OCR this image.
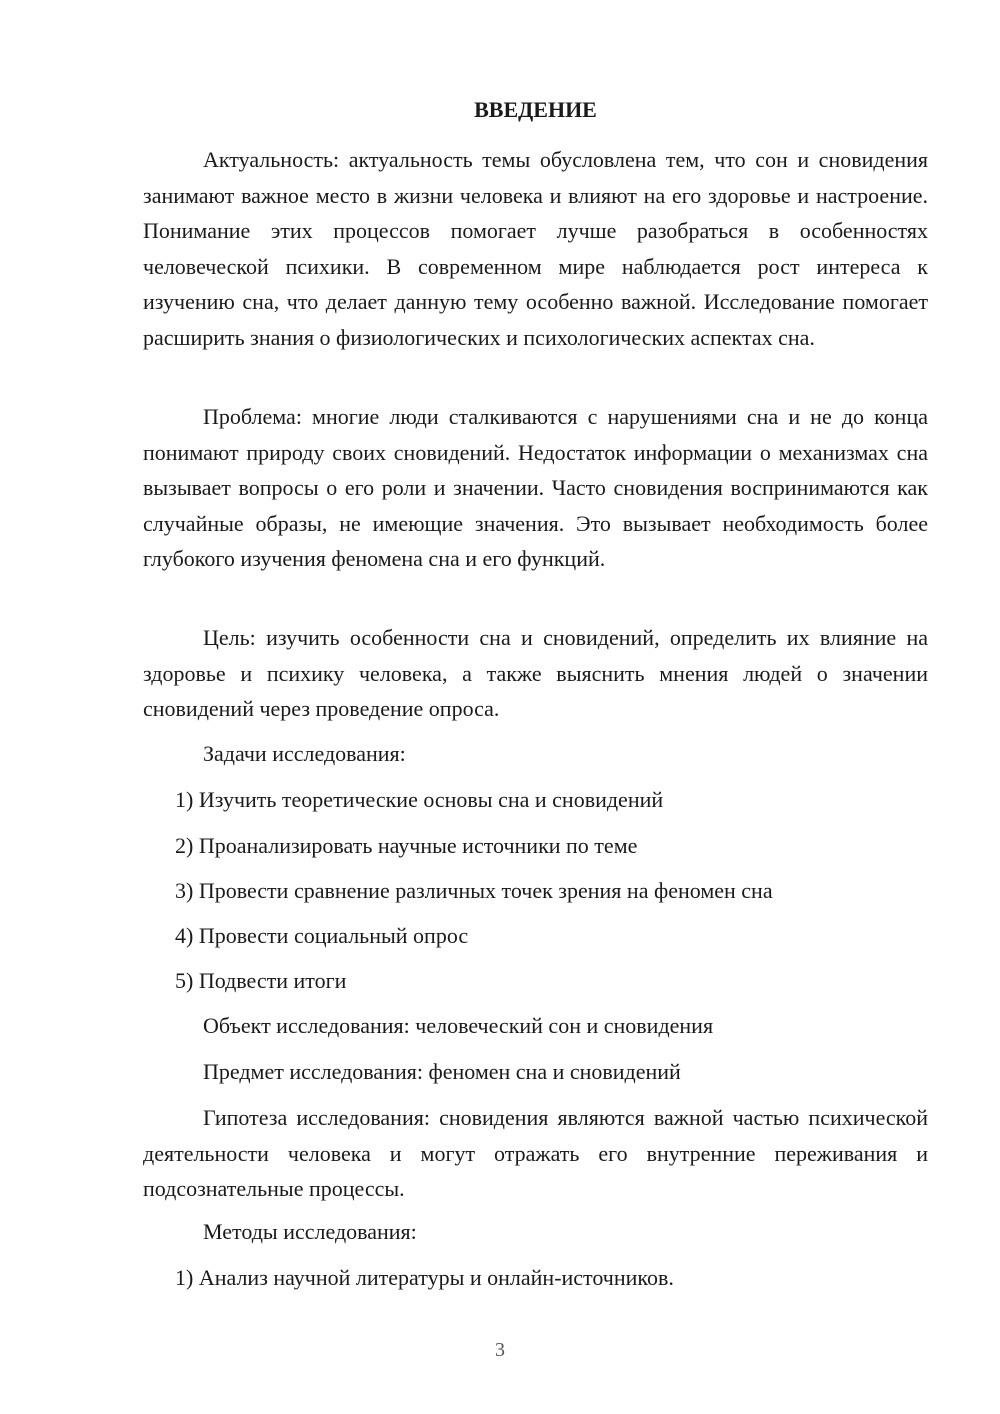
ВВЕДЕНИЕ

Актуальность: актуальность темы обусловлена тем, что сон и сновидения занимают важное место в жизни человека и влияют на его здоровье и настроение. Понимание этих процессов помогает лучше разобраться в особенностях человеческой психики. В современном мире наблюдается рост интереса к изучению сна, что делает данную тему особенно важной. Исследование помогает расширить знания о физиологических и психологических аспектах сна.

Проблема: многие люди сталкиваются с нарушениями сна и не до конца понимают природу своих сновидений. Недостаток информации о механизмах сна вызывает вопросы о его роли и значении. Часто сновидения воспринимаются как случайные образы, не имеющие значения. Это вызывает необходимость более глубокого изучения феномена сна и его функций.

Цель: изучить особенности сна и сновидений, определить их влияние на здоровье и психику человека, а также выяснить мнения людей о значении сновидений через проведение опроса.

Задачи исследования:

1) Изучить теоретические основы сна и сновидений

2) Проанализировать научные источники по теме

3) Провести сравнение различных точек зрения на феномен сна

4) Провести социальный опрос

5) Подвести итоги

Объект исследования: человеческий сон и сновидения

Предмет исследования: феномен сна и сновидений

Гипотеза исследования: сновидения являются важной частью психической деятельности человека и могут отражать его внутренние переживания и подсознательные процессы.

Методы исследования:

1) Анализ научной литературы и онлайн-источников.

3
